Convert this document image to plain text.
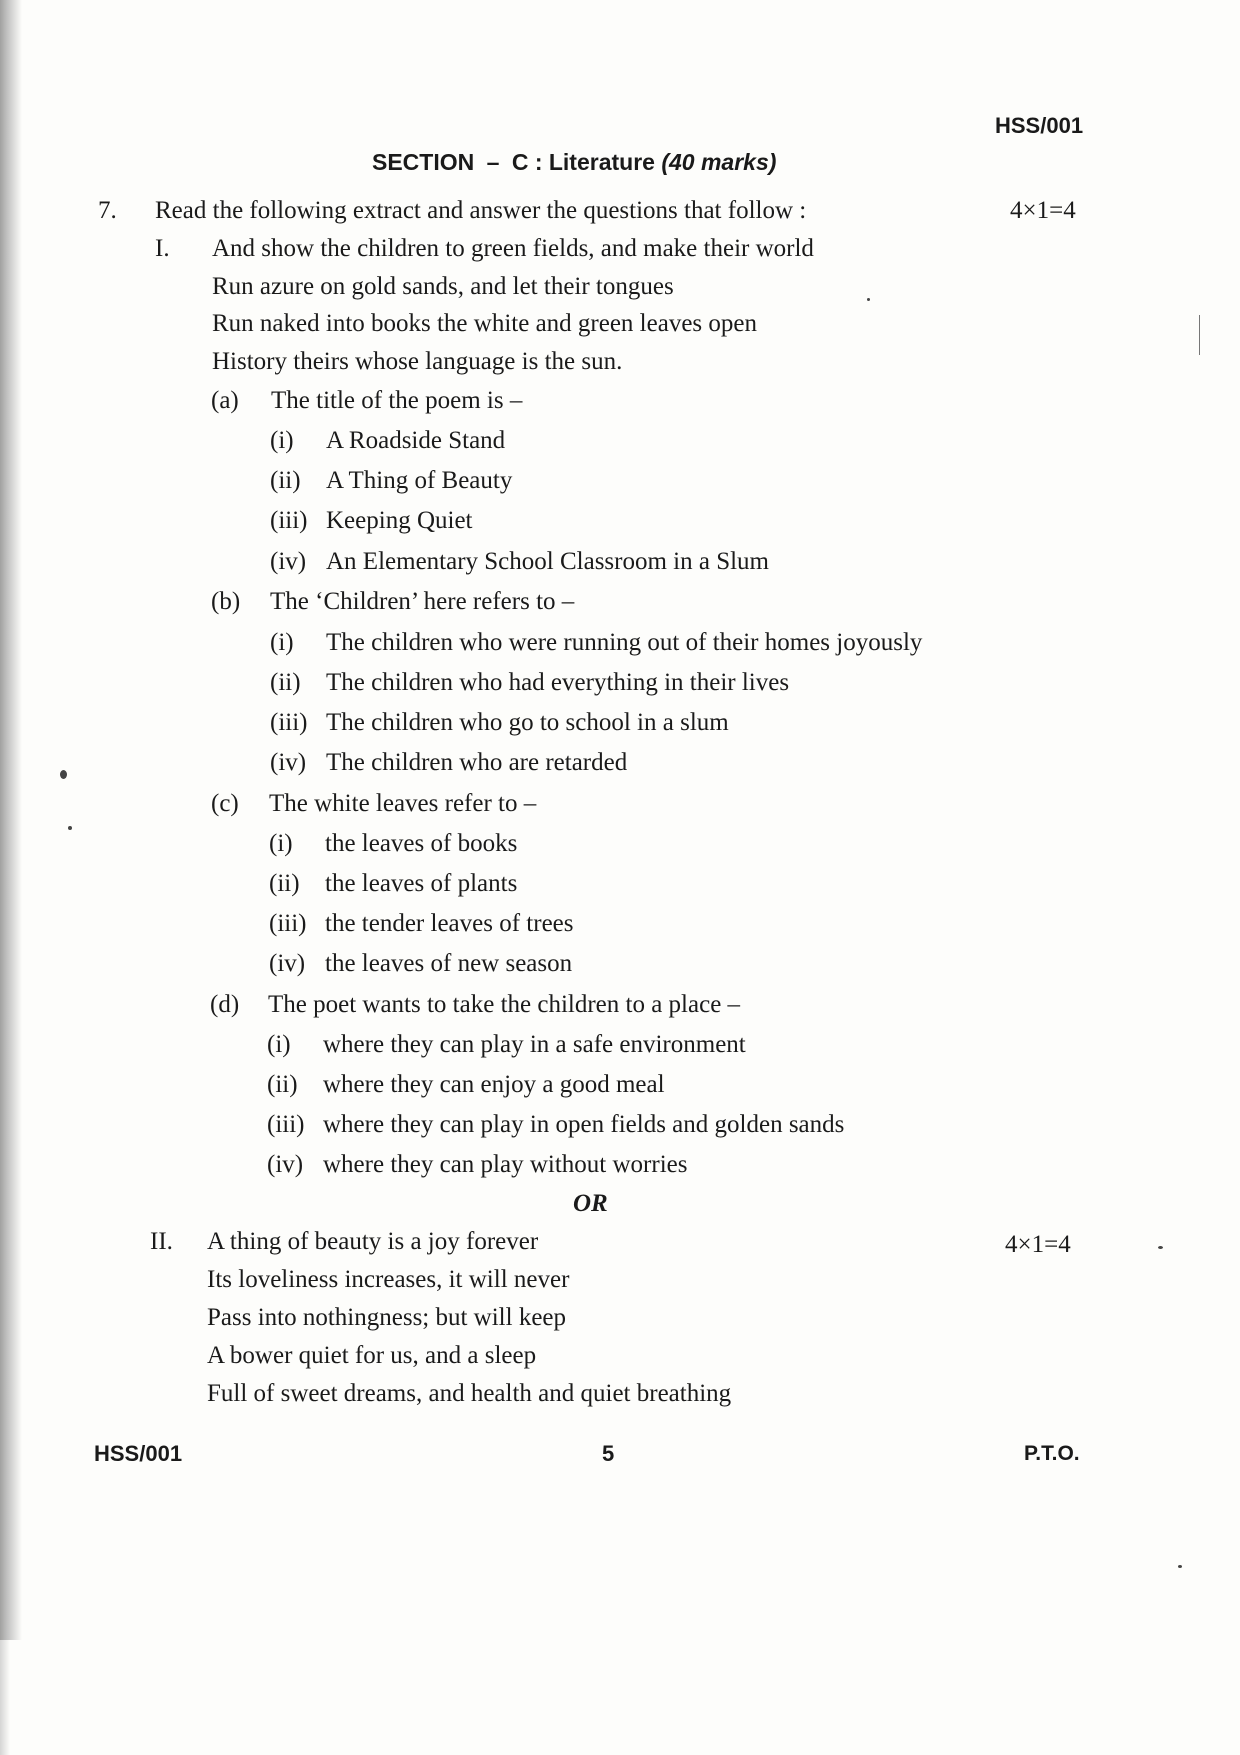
HSS/001
SECTION – C : Literature (40 marks)
7. Read the following extract and answer the questions that follow :	4×1=4
I. And show the children to green fields, and make their world
Run azure on gold sands, and let their tongues
Run naked into books the white and green leaves open
History theirs whose language is the sun.
(a) The title of the poem is –
(i) A Roadside Stand
(ii) A Thing of Beauty
(iii) Keeping Quiet
(iv) An Elementary School Classroom in a Slum
(b) The ‘Children’ here refers to –
(i) The children who were running out of their homes joyously
(ii) The children who had everything in their lives
(iii) The children who go to school in a slum
(iv) The children who are retarded
(c) The white leaves refer to –
(i) the leaves of books
(ii) the leaves of plants
(iii) the tender leaves of trees
(iv) the leaves of new season
(d) The poet wants to take the children to a place –
(i) where they can play in a safe environment
(ii) where they can enjoy a good meal
(iii) where they can play in open fields and golden sands
(iv) where they can play without worries
OR
II. A thing of beauty is a joy forever	4×1=4
Its loveliness increases, it will never
Pass into nothingness; but will keep
A bower quiet for us, and a sleep
Full of sweet dreams, and health and quiet breathing
HSS/001	5	P.T.O.
